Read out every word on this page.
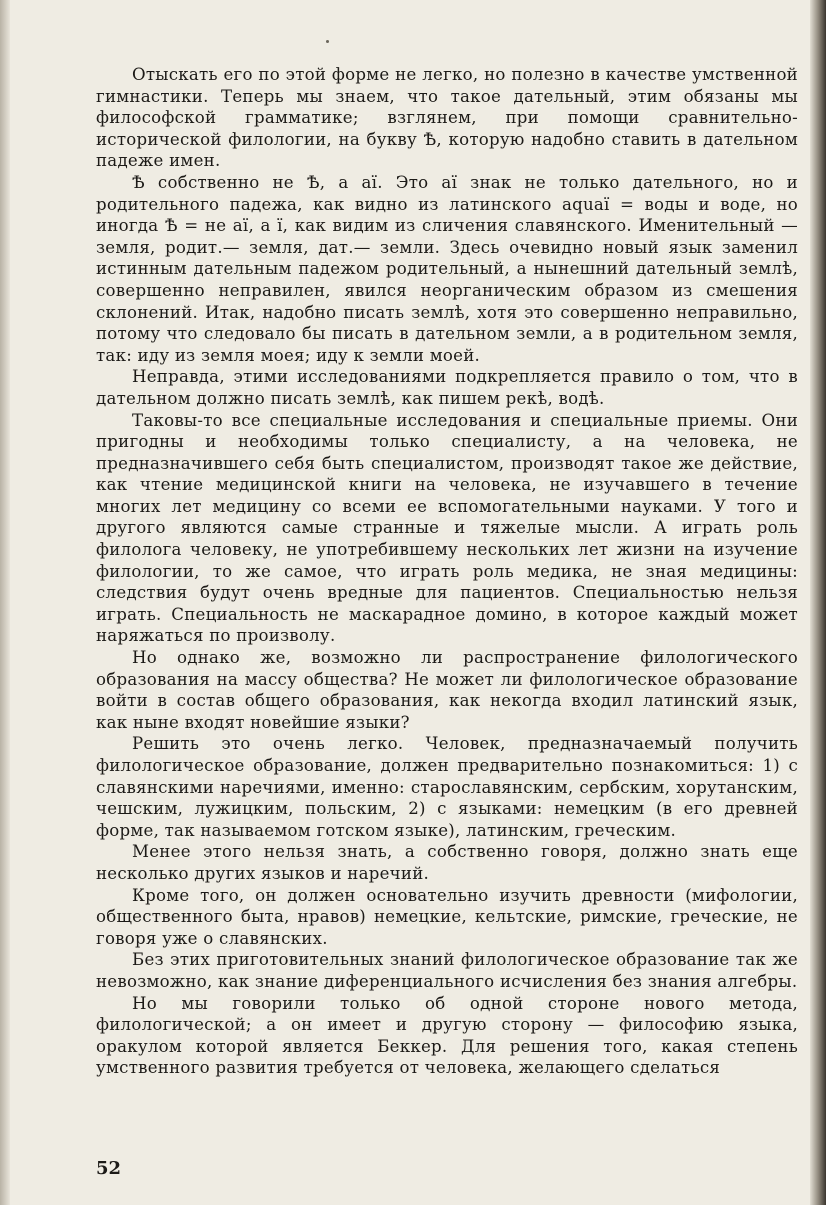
Отыскать его по этой форме не легко, но полезно в качестве умственной гимнастики. Теперь мы знаем, что такое дательный, этим обязаны мы философской грамматике; взглянем, при помощи сравнительно-исторической филологии, на букву Ѣ, которую надобно ставить в дательном падеже имен.

Ѣ собственно не Ѣ, а aï. Это aï знак не только дательного, но и родительного падежа, как видно из латинского aquaï = воды и воде, но иногда Ѣ = не aï, а ï, как видим из сличения славянского. Именительный — земля, родит.— земля, дат.— земли. Здесь очевидно новый язык заменил истинным дательным падежом родительный, а нынешний дательный землѣ, совершенно неправилен, явился неорганическим образом из смешения склонений. Итак, надобно писать землѣ, хотя это совершенно неправильно, потому что следовало бы писать в дательном земли, а в родительном земля, так: иду из земля моея; иду к земли моей.

Неправда, этими исследованиями подкрепляется правило о том, что в дательном должно писать землѣ, как пишем рекѣ, водѣ.

Таковы-то все специальные исследования и специальные приемы. Они пригодны и необходимы только специалисту, а на человека, не предназначившего себя быть специалистом, производят такое же действие, как чтение медицинской книги на человека, не изучавшего в течение многих лет медицину со всеми ее вспомогательными науками. У того и другого являются самые странные и тяжелые мысли. А играть роль филолога человеку, не употребившему нескольких лет жизни на изучение филологии, то же самое, что играть роль медика, не зная медицины: следствия будут очень вредные для пациентов. Специальностью нельзя играть. Специальность не маскарадное домино, в которое каждый может наряжаться по произволу.

Но однако же, возможно ли распространение филологического образования на массу общества? Не может ли филологическое образование войти в состав общего образования, как некогда входил латинский язык, как ныне входят новейшие языки?

Решить это очень легко. Человек, предназначаемый получить филологическое образование, должен предварительно познакомиться: 1) с славянскими наречиями, именно: старославянским, сербским, хорутанским, чешским, лужицким, польским, 2) с языками: немецким (в его древней форме, так называемом готском языке), латинским, греческим.

Менее этого нельзя знать, а собственно говоря, должно знать еще несколько других языков и наречий.

Кроме того, он должен основательно изучить древности (мифологии, общественного быта, нравов) немецкие, кельтские, римские, греческие, не говоря уже о славянских.

Без этих приготовительных знаний филологическое образование так же невозможно, как знание диференциального исчисления без знания алгебры.

Но мы говорили только об одной стороне нового метода, филологической; а он имеет и другую сторону — философию языка, оракулом которой является Беккер. Для решения того, какая степень умственного развития требуется от человека, желающего сделаться

52
